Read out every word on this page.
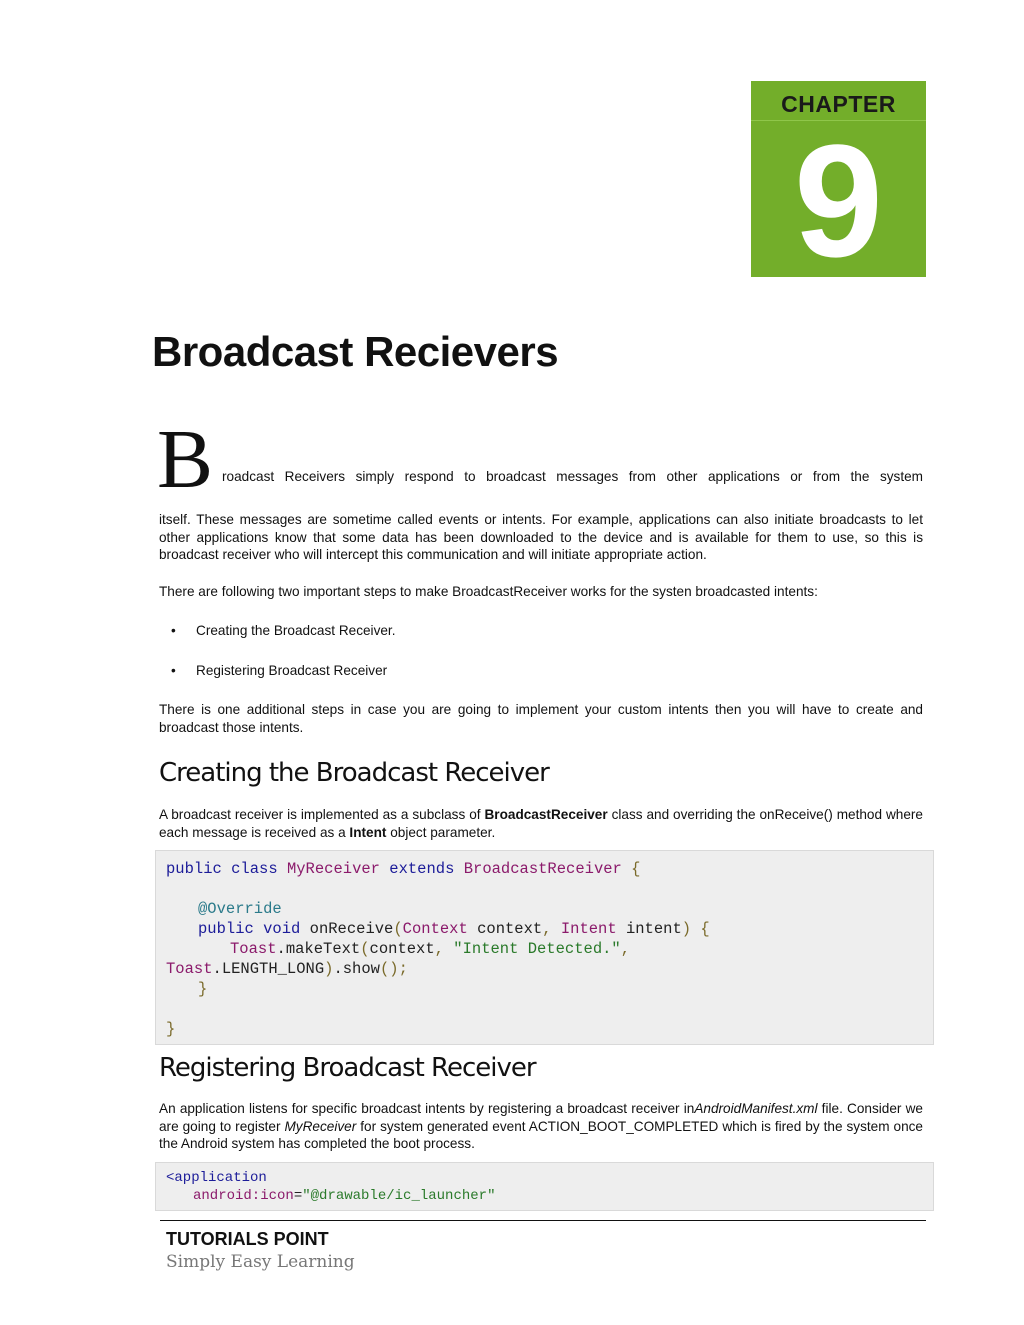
CHAPTER
9
Broadcast Recievers
B roadcast Receivers simply respond to broadcast messages from other applications or from the system

itself. These messages are sometime called events or intents. For example, applications can also initiate broadcasts to let other applications know that some data has been downloaded to the device and is available for them to use, so this is broadcast receiver who will intercept this communication and will initiate appropriate action.

There are following two important steps to make BroadcastReceiver works for the systen broadcasted intents:

• Creating the Broadcast Receiver.
• Registering Broadcast Receiver

There is one additional steps in case you are going to implement your custom intents then you will have to create and broadcast those intents.

Creating the Broadcast Receiver

A broadcast receiver is implemented as a subclass of BroadcastReceiver class and overriding the onReceive() method where each message is received as a Intent object parameter.

public class MyReceiver extends BroadcastReceiver {
@Override
public void onReceive(Context context, Intent intent) {
Toast.makeText(context, "Intent Detected.",
Toast.LENGTH_LONG).show();
}
}
Registering Broadcast Receiver

An application listens for specific broadcast intents by registering a broadcast receiver inAndroidManifest.xml file. Consider we are going to register MyReceiver for system generated event ACTION_BOOT_COMPLETED which is fired by the system once the Android system has completed the boot process.

<application
android:icon="@drawable/ic_launcher"
TUTORIALS POINT
Simply Easy Learning
